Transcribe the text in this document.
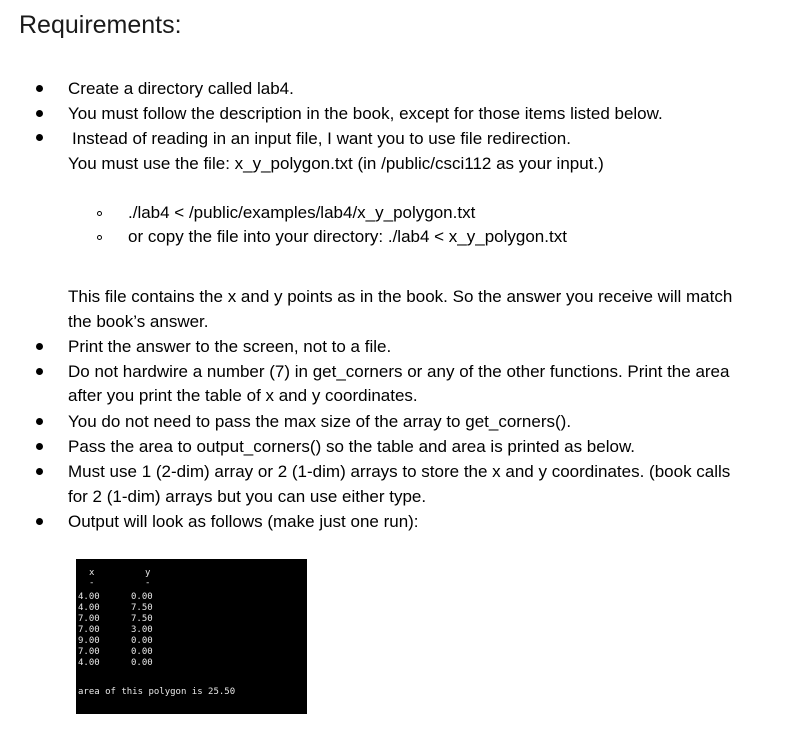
Requirements:
Create a directory called lab4.
You must follow the description in the book, except for those items listed below.
Instead of reading in an input file, I want you to use file redirection.
You must use the file: x_y_polygon.txt (in /public/csci112 as your input.)
./lab4 < /public/examples/lab4/x_y_polygon.txt
or copy the file into your directory: ./lab4 < x_y_polygon.txt
This file contains the x and y points as in the book. So the answer you receive will match
the book’s answer.
Print the answer to the screen, not to a file.
Do not hardwire a number (7) in get_corners or any of the other functions. Print the area
after you print the table of x and y coordinates.
You do not need to pass the max size of the array to get_corners().
Pass the area to output_corners() so the table and area is printed as below.
Must use 1 (2-dim) array or 2 (1-dim) arrays to store the x and y coordinates. (book calls
for 2 (1-dim) arrays but you can use either type.
Output will look as follows (make just one run):
x	y
-	-
4.00	0.00
4.00	7.50
7.00	7.50
7.00	3.00
9.00	0.00
7.00	0.00
4.00	0.00
area of this polygon is 25.50
